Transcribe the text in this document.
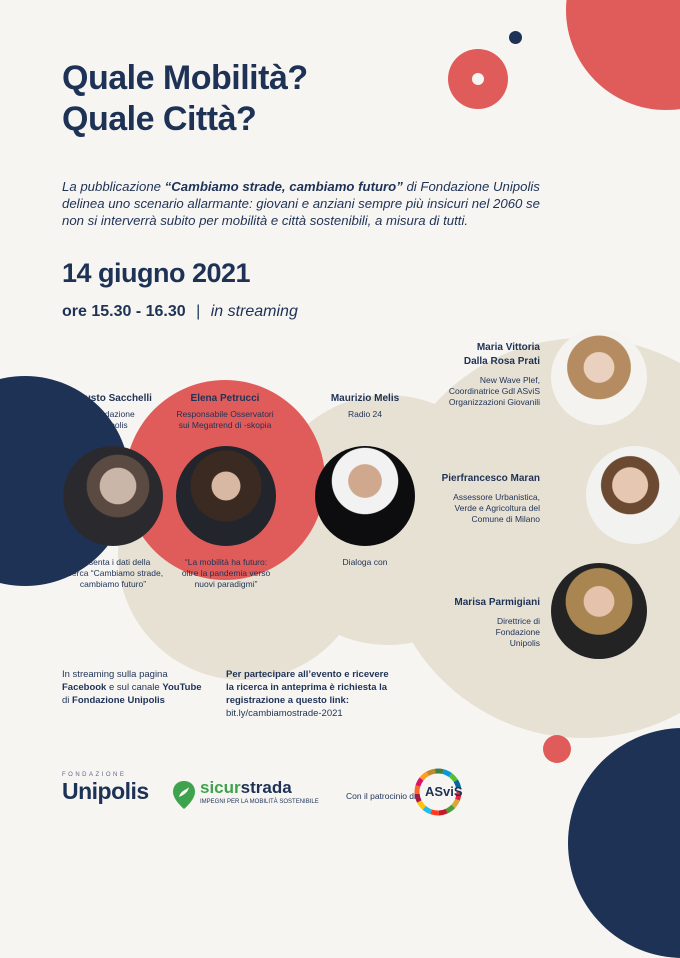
Quale Mobilità?
Quale Città?
La pubblicazione “Cambiamo strade, cambiamo futuro” di Fondazione Unipolis delinea uno scenario allarmante: giovani e anziani sempre più insicuri nel 2060 se non si interverrà subito per mobilità e città sostenibili, a misura di tutti.
14 giugno 2021
ore 15.30 - 16.30 | in streaming
Fausto Sacchelli
Fondazione
Unipolis
Presenta i dati della
ricerca “Cambiamo strade,
cambiamo futuro”
Elena Petrucci
Responsabile Osservatori
sui Megatrend di -skopia
“La mobilità ha futuro:
oltre la pandemia verso
nuovi paradigmi”
Maurizio Melis
Radio 24
Dialoga con
Maria Vittoria
Dalla Rosa Prati
New Wave Plef,
Coordinatrice Gdl ASviS
Organizzazioni Giovanili
Pierfrancesco Maran
Assessore Urbanistica,
Verde e Agricoltura del
Comune di Milano
Marisa Parmigiani
Direttrice di
Fondazione
Unipolis
In streaming sulla pagina
Facebook e sul canale YouTube
di Fondazione Unipolis
Per partecipare all’evento e ricevere
la ricerca in anteprima è richiesta la
registrazione a questo link:
bit.ly/cambiamostrade-2021
FONDAZIONE
Unipolis	sicurstrada
IMPEGNI PER LA MOBILITÀ SOSTENIBILE
Con il patrocinio di ASviS
